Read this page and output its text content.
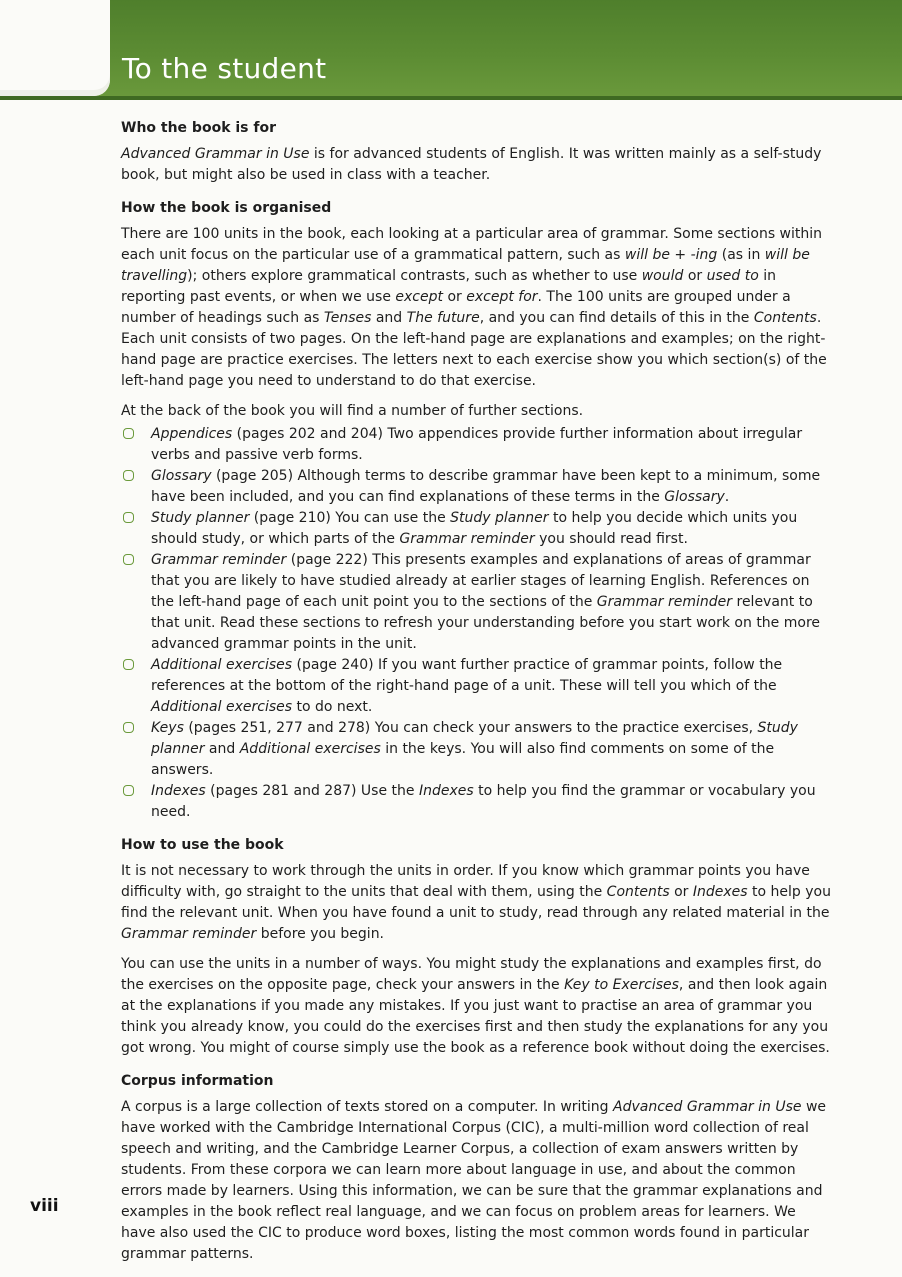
To the student
Who the book is for

Advanced Grammar in Use is for advanced students of English. It was written mainly as a self-study book, but might also be used in class with a teacher.

How the book is organised

There are 100 units in the book, each looking at a particular area of grammar. Some sections within each unit focus on the particular use of a grammatical pattern, such as will be + -ing (as in will be travelling); others explore grammatical contrasts, such as whether to use would or used to in reporting past events, or when we use except or except for. The 100 units are grouped under a number of headings such as Tenses and The future, and you can find details of this in the Contents. Each unit consists of two pages. On the left-hand page are explanations and examples; on the right-hand page are practice exercises. The letters next to each exercise show you which section(s) of the left-hand page you need to understand to do that exercise.

At the back of the book you will find a number of further sections.

Appendices (pages 202 and 204) Two appendices provide further information about irregular verbs and passive verb forms.
Glossary (page 205) Although terms to describe grammar have been kept to a minimum, some have been included, and you can find explanations of these terms in the Glossary.
Study planner (page 210) You can use the Study planner to help you decide which units you should study, or which parts of the Grammar reminder you should read first.
Grammar reminder (page 222) This presents examples and explanations of areas of grammar that you are likely to have studied already at earlier stages of learning English. References on the left-hand page of each unit point you to the sections of the Grammar reminder relevant to that unit. Read these sections to refresh your understanding before you start work on the more advanced grammar points in the unit.
Additional exercises (page 240) If you want further practice of grammar points, follow the references at the bottom of the right-hand page of a unit. These will tell you which of the Additional exercises to do next.
Keys (pages 251, 277 and 278) You can check your answers to the practice exercises, Study planner and Additional exercises in the keys. You will also find comments on some of the answers.
Indexes (pages 281 and 287) Use the Indexes to help you find the grammar or vocabulary you need.
How to use the book

It is not necessary to work through the units in order. If you know which grammar points you have difficulty with, go straight to the units that deal with them, using the Contents or Indexes to help you find the relevant unit. When you have found a unit to study, read through any related material in the Grammar reminder before you begin.

You can use the units in a number of ways. You might study the explanations and examples first, do the exercises on the opposite page, check your answers in the Key to Exercises, and then look again at the explanations if you made any mistakes. If you just want to practise an area of grammar you think you already know, you could do the exercises first and then study the explanations for any you got wrong. You might of course simply use the book as a reference book without doing the exercises.

Corpus information

A corpus is a large collection of texts stored on a computer. In writing Advanced Grammar in Use we have worked with the Cambridge International Corpus (CIC), a multi-million word collection of real speech and writing, and the Cambridge Learner Corpus, a collection of exam answers written by students. From these corpora we can learn more about language in use, and about the common errors made by learners. Using this information, we can be sure that the grammar explanations and examples in the book reflect real language, and we can focus on problem areas for learners. We have also used the CIC to produce word boxes, listing the most common words found in particular grammar patterns.

viii
